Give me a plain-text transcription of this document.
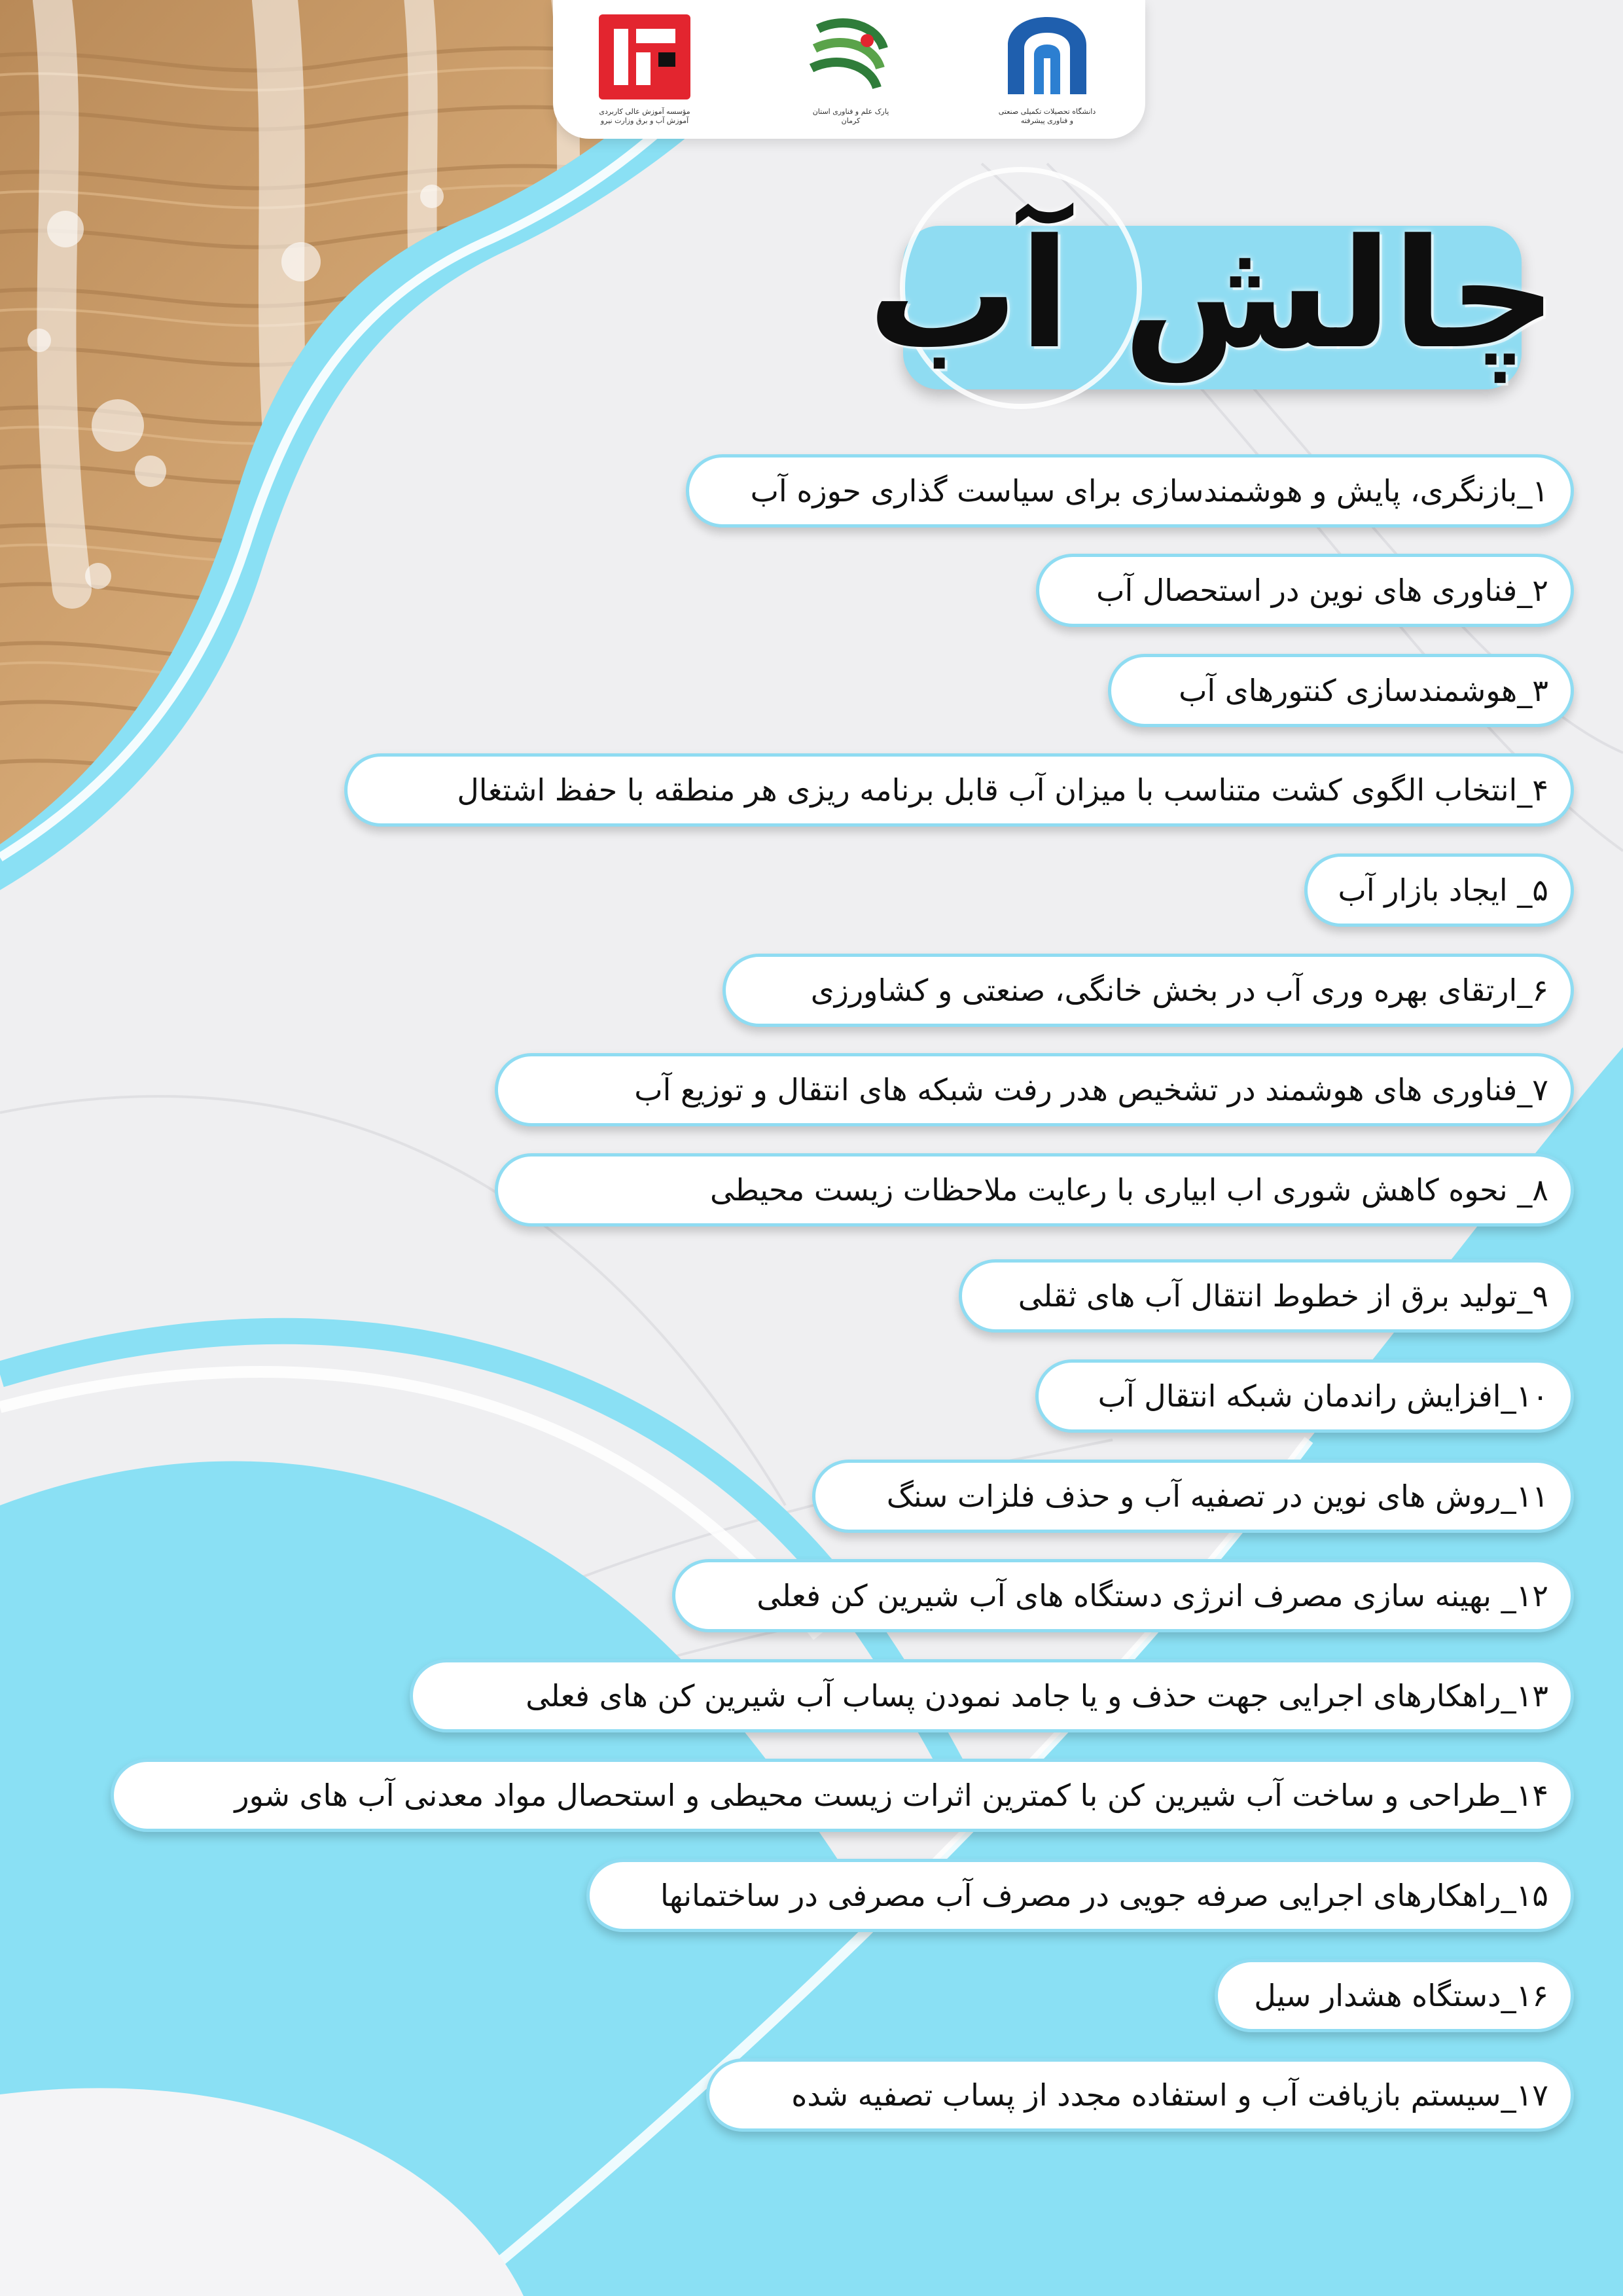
مؤسسه آموزش عالی کاربردی آموزش آب و برق وزارت نیرو
پارک علم و فناوری استان کرمان
دانشگاه تحصیلات تکمیلی صنعتی و فناوری پیشرفته
چالش آب
۱_بازنگری، پایش و هوشمندسازی برای سیاست گذاری حوزه آب
۲_فناوری های نوین در استحصال آب
۳_هوشمندسازی کنتورهای آب
۴_انتخاب الگوی کشت متناسب با میزان آب قابل برنامه ریزی هر منطقه با حفظ اشتغال
۵_ ایجاد بازار آب
۶_ارتقای بهره وری آب در بخش خانگی، صنعتی و کشاورزی
۷_فناوری های هوشمند در تشخیص هدر رفت شبکه های انتقال و توزیع آب
۸_ نحوه کاهش شوری اب ابیاری با رعایت ملاحظات زیست محیطی
۹_تولید برق از خطوط انتقال آب های ثقلی
۱۰_افزایش راندمان شبکه انتقال آب
۱۱_روش های نوین در تصفیه آب و حذف فلزات سنگ
۱۲_ بهینه سازی مصرف انرژی دستگاه های آب شیرین کن فعلی
۱۳_راهکارهای اجرایی جهت حذف و یا جامد نمودن پساب آب شیرین کن های فعلی
۱۴_طراحی و ساخت آب شیرین کن با کمترین اثرات زیست محیطی و استحصال مواد معدنی آب های شور
۱۵_راهکارهای اجرایی صرفه جویی در مصرف آب مصرفی در ساختمانها
۱۶_دستگاه هشدار سیل
۱۷_سیستم بازیافت آب و استفاده مجدد از پساب تصفیه شده
